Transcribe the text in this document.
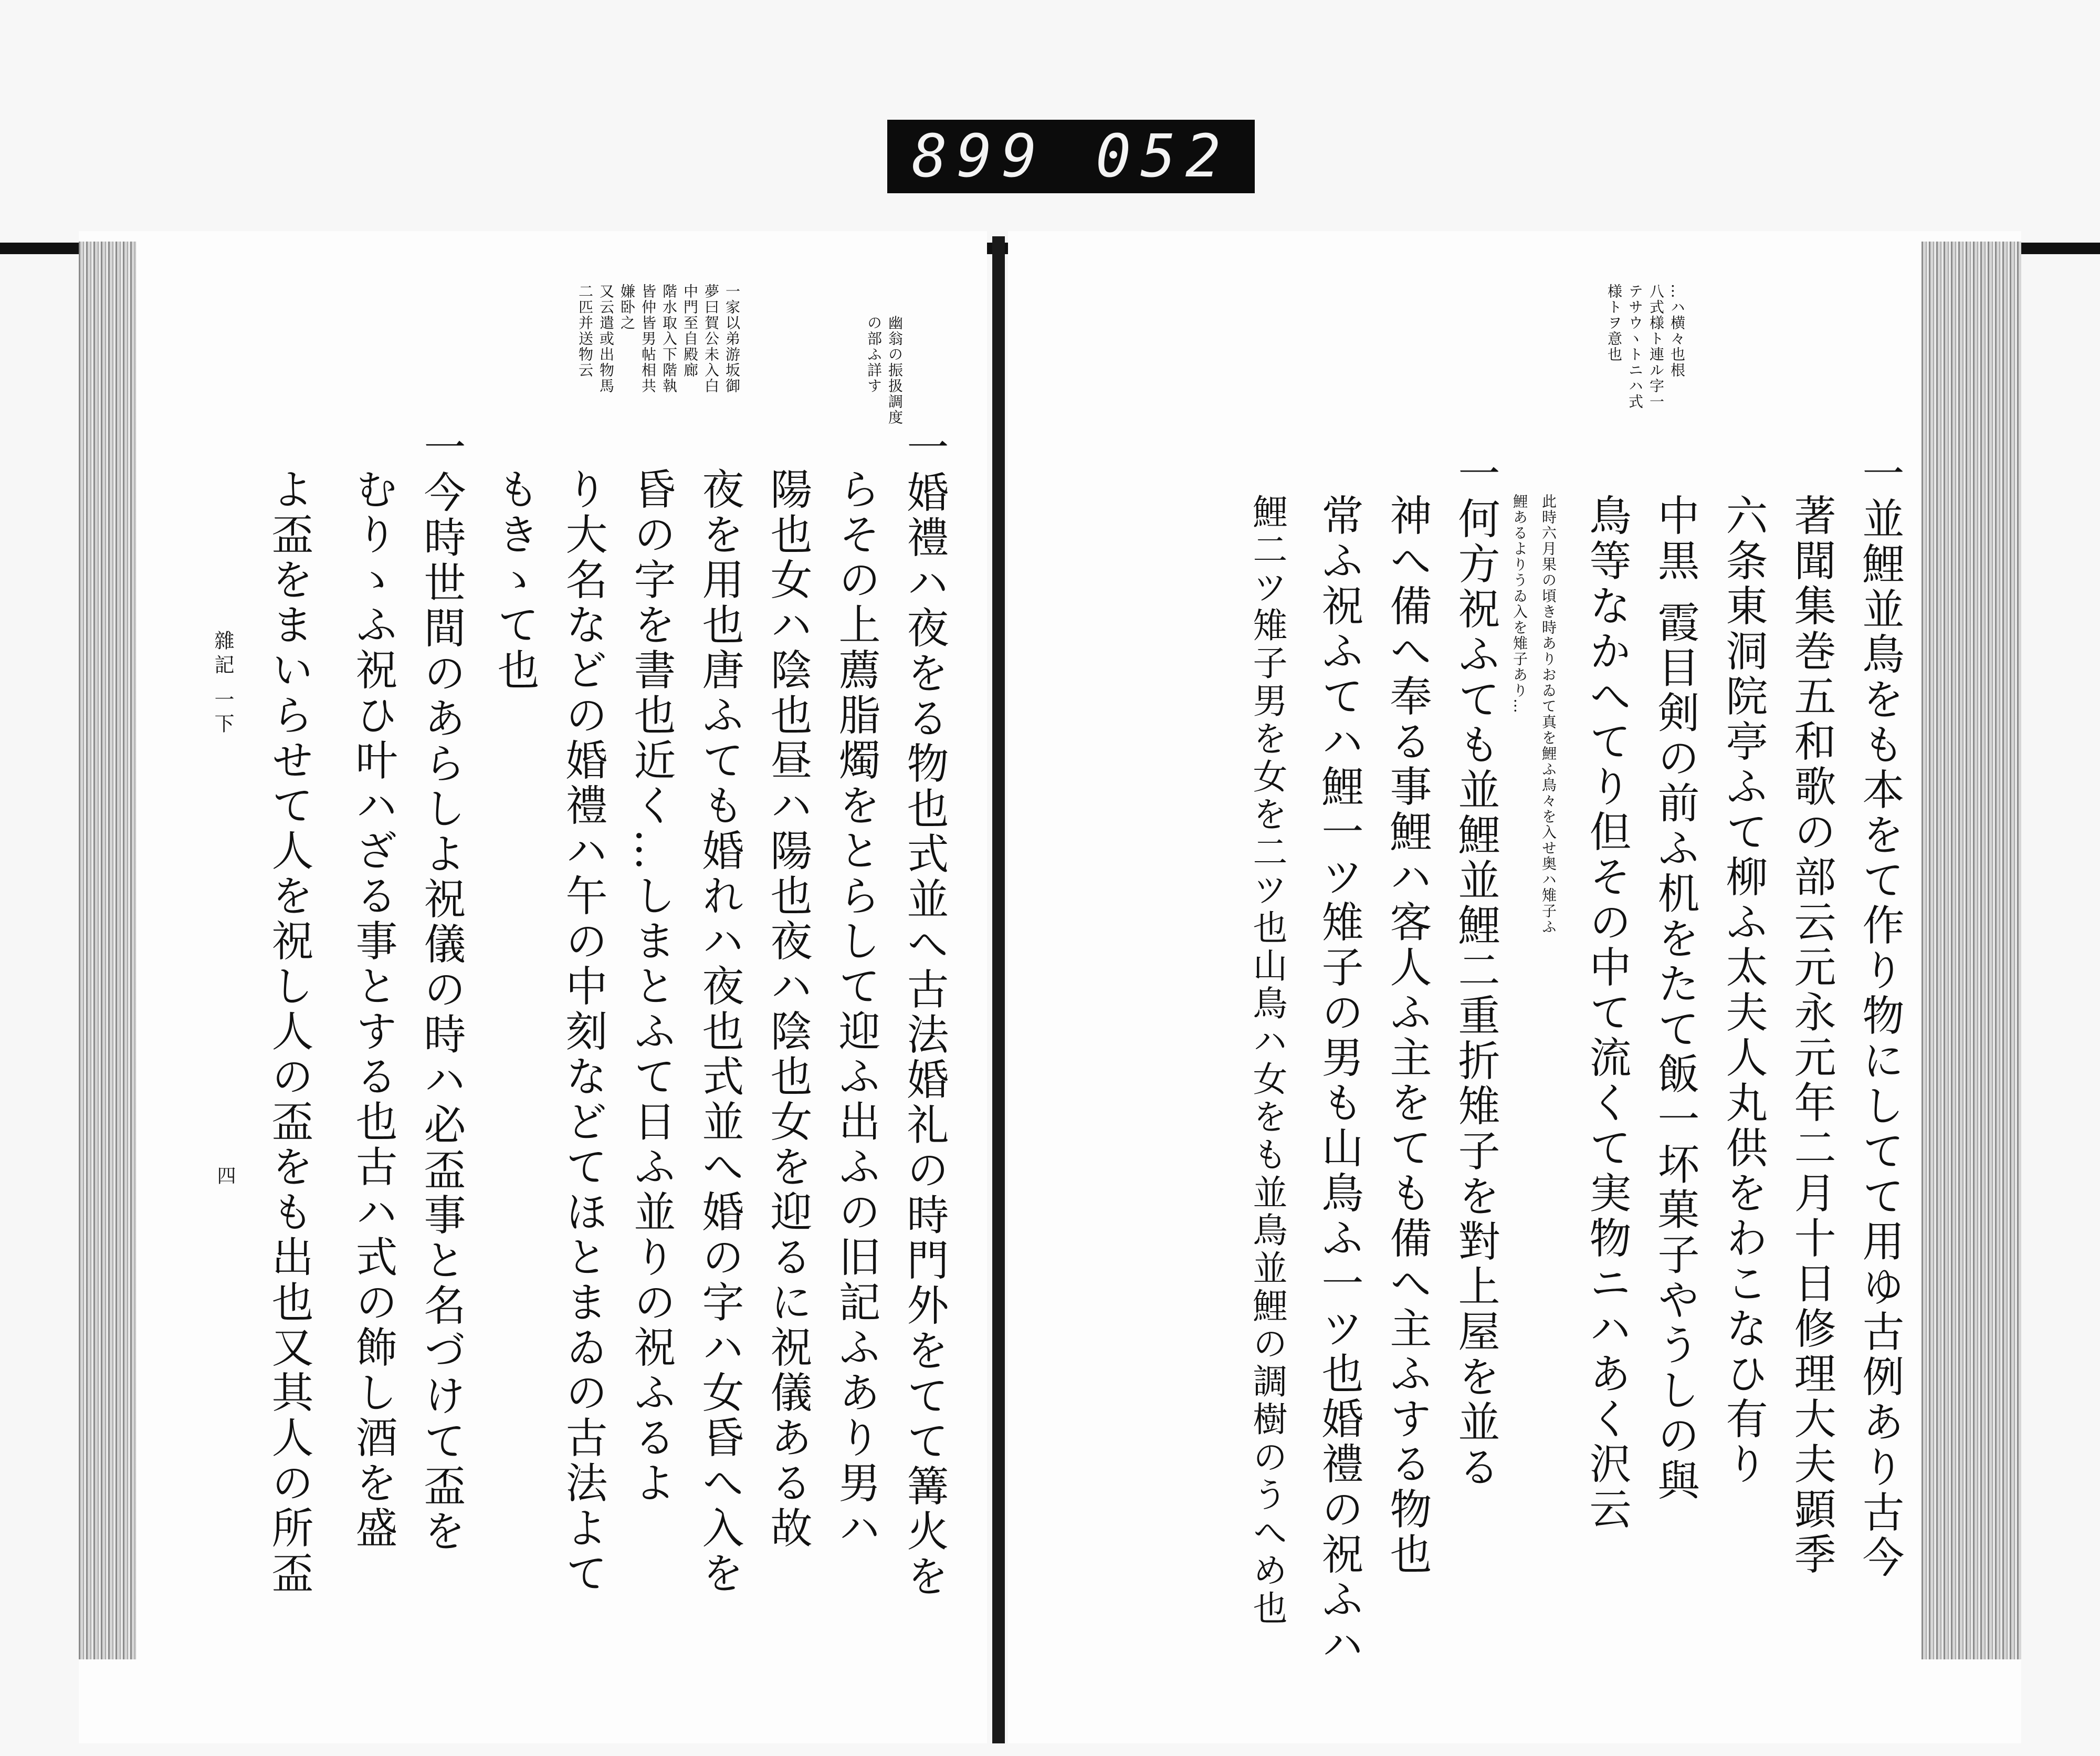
899 052
幽翁の振扱調度
の部ふ詳す
一家以弟游坂御
夢曰賀公未入白
中門至自殿廊
階水取入下階執
皆仲皆男帖相共
嫌卧之
又云遣或出物馬
二匹并送物云
一婚禮ハ夜をる物也式並へ古法婚礼の時門外をてて篝火を
らその上薦脂燭をとらして迎ふ出ふの旧記ふあり男ハ
陽也女ハ陰也昼ハ陽也夜ハ陰也女を迎るに祝儀ある故
夜を用也唐ふても婚れハ夜也式並へ婚の字ハ女昏へ入を
昏の字を書也近く…しまとふて日ふ並りの祝ふるよ
り大名などの婚禮ハ午の中刻などてほとまゐの古法よて
もきゝて也
一今時世間のあらしよ祝儀の時ハ必盃事と名づけて盃を
むりゝふ祝ひ叶ハざる事とする也古ハ式の飾し酒を盛
よ盃をまいらせて人を祝し人の盃をも出也又其人の所盃
雜記 一下
四
…ハ横々也根
八式様ト連ル字一
テサウヽトニハ式
様トヲ意也
一並鯉並鳥をも本をて作り物にしてて用ゆ古例あり古今
著聞集巻五和歌の部云元永元年二月十日修理大夫顕季
六条東洞院亭ふて柳ふ太夫人丸供をわこなひ有り
中黒 霞目剣の前ふ机をたて飯一坏菓子やうしの與
鳥等なかへてり但その中て流くて実物ニハあく沢云
此時六月果の頃き時ありおゐて真を鯉ふ鳥々を入せ奥ハ雉子ふ
鯉あるよりうゐ入を雉子あり…
一何方祝ふても並鯉並鯉二重折雉子を對上屋を並る
神へ備へ奉る事鯉ハ客人ふ主をても備へ主ふする物也
常ふ祝ふてハ鯉一ツ雉子の男も山鳥ふ一ツ也婚禮の祝ふハ
鯉二ツ雉子男を女を二ツ也山鳥ハ女をも並鳥並鯉の調樹のうへめ也
